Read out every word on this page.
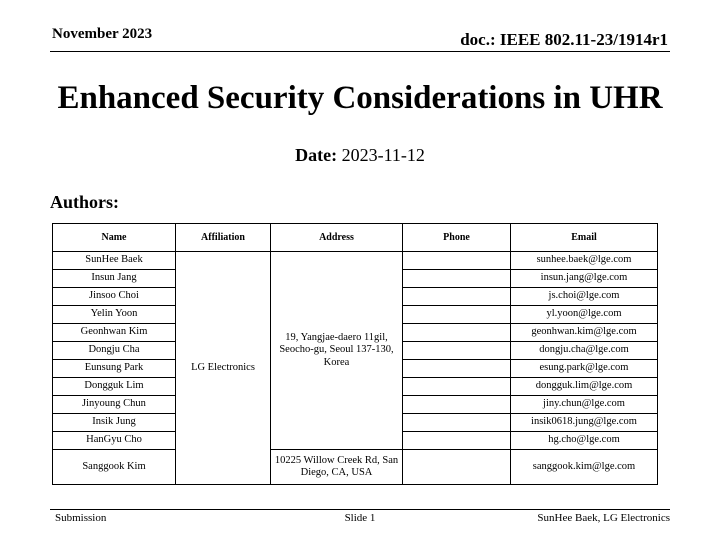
November 2023	doc.: IEEE 802.11-23/1914r1
Enhanced Security Considerations in UHR
Date: 2023-11-12
Authors:
Name	Affiliation	Address	Phone	Email
SunHee Baek	LG Electronics	19, Yangjae-daero 11gil, Seocho-gu, Seoul 137-130, Korea		sunhee.baek@lge.com
Insun Jang				insun.jang@lge.com
Jinsoo Choi				js.choi@lge.com
Yelin Yoon				yl.yoon@lge.com
Geonhwan Kim				geonhwan.kim@lge.com
Dongju Cha				dongju.cha@lge.com
Eunsung Park				esung.park@lge.com
Dongguk Lim				dongguk.lim@lge.com
Jinyoung Chun				jiny.chun@lge.com
Insik Jung				insik0618.jung@lge.com
HanGyu Cho				hg.cho@lge.com
Sanggook Kim		10225 Willow Creek Rd, San Diego, CA, USA		sanggook.kim@lge.com
Submission	Slide 1	SunHee Baek, LG Electronics
